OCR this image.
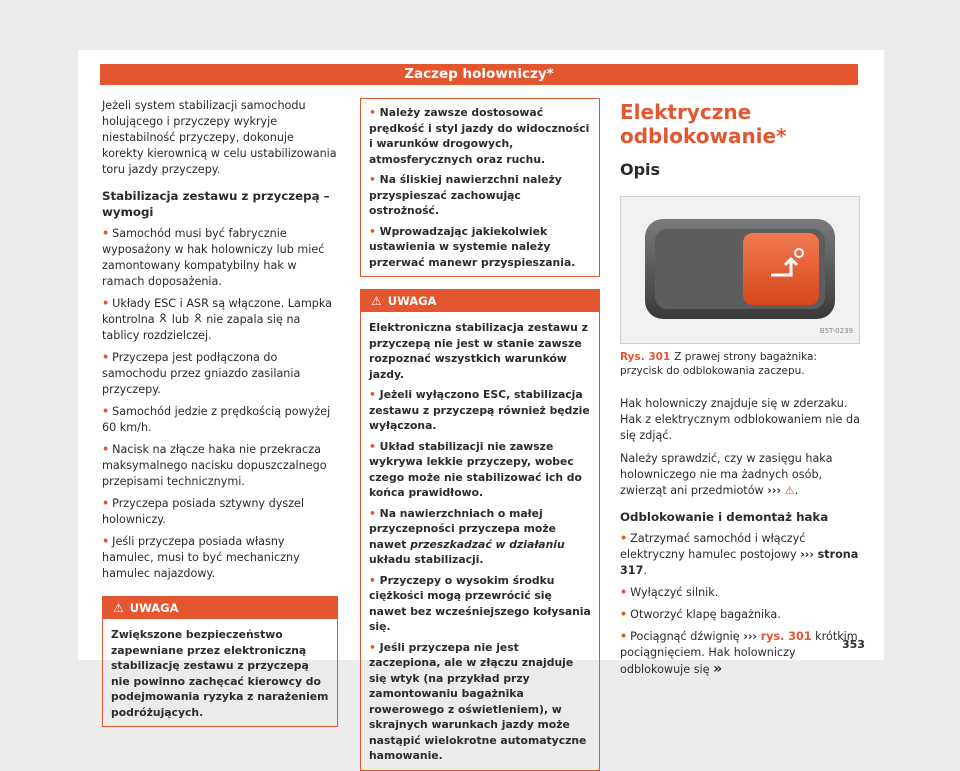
Zaczep holowniczy*

Jeżeli system stabilizacji samochodu holującego i przyczepy wykryje niestabilność przyczepy, dokonuje korekty kierownicą w celu ustabilizowania toru jazdy przyczepy.

Stabilizacja zestawu z przyczepą – wymogi
• Samochód musi być fabrycznie wyposażony w hak holowniczy lub mieć zamontowany kompatybilny hak w ramach doposażenia.
• Układy ESC i ASR są włączone. Lampka kontrolna lub nie zapala się na tablicy rozdzielczej.
• Przyczepa jest podłączona do samochodu przez gniazdo zasilania przyczepy.
• Samochód jedzie z prędkością powyżej 60 km/h.
• Nacisk na złącze haka nie przekracza maksymalnego nacisku dopuszczalnego przepisami technicznymi.
• Przyczepa posiada sztywny dyszel holowniczy.
• Jeśli przyczepa posiada własny hamulec, musi to być mechaniczny hamulec najazdowy.
⚠ UWAGA
Zwiększone bezpieczeństwo zapewniane przez elektroniczną stabilizację zestawu z przyczepą nie powinno zachęcać kierowcy do podejmowania ryzyka z narażeniem podróżujących.

• Należy zawsze dostosować prędkość i styl jazdy do widoczności i warunków drogowych, atmosferycznych oraz ruchu.

• Na śliskiej nawierzchni należy przyspieszać zachowując ostrożność.

• Wprowadzając jakiekolwiek ustawienia w systemie należy przerwać manewr przyspieszania.

⚠ UWAGA

Elektroniczna stabilizacja zestawu z przyczepą nie jest w stanie zawsze rozpoznać wszystkich warunków jazdy.

• Jeżeli wyłączono ESC, stabilizacja zestawu z przyczepą również będzie wyłączona.

• Układ stabilizacji nie zawsze wykrywa lekkie przyczepy, wobec czego może nie stabilizować ich do końca prawidłowo.

• Na nawierzchniach o małej przyczepności przyczepa może nawet przeszkadzać w działaniu układu stabilizacji.

• Przyczepy o wysokim środku ciężkości mogą przewrócić się nawet bez wcześniejszego kołysania się.

• Jeśli przyczepa nie jest zaczepiona, ale w złączu znajduje się wtyk (na przykład przy zamontowaniu bagażnika rowerowego z oświetleniem), w skrajnych warunkach jazdy może nastąpić wielokrotne automatyczne hamowanie.

Elektryczne odblokowanie*
Opis
B5T-0239
Rys. 301 Z prawej strony bagażnika: przycisk do odblokowania zaczepu.

Hak holowniczy znajduje się w zderzaku. Hak z elektrycznym odblokowaniem nie da się zdjąć.

Należy sprawdzić, czy w zasięgu haka holowniczego nie ma żadnych osób, zwierząt ani przedmiotów ››› ⚠.

Odblokowanie i demontaż haka
• Zatrzymać samochód i włączyć elektryczny hamulec postojowy ››› strona 317.
• Wyłączyć silnik.
• Otworzyć klapę bagażnika.
• Pociągnąć dźwignię ››› rys. 301 krótkim pociągnięciem. Hak holowniczy odblokowuje się »
353
